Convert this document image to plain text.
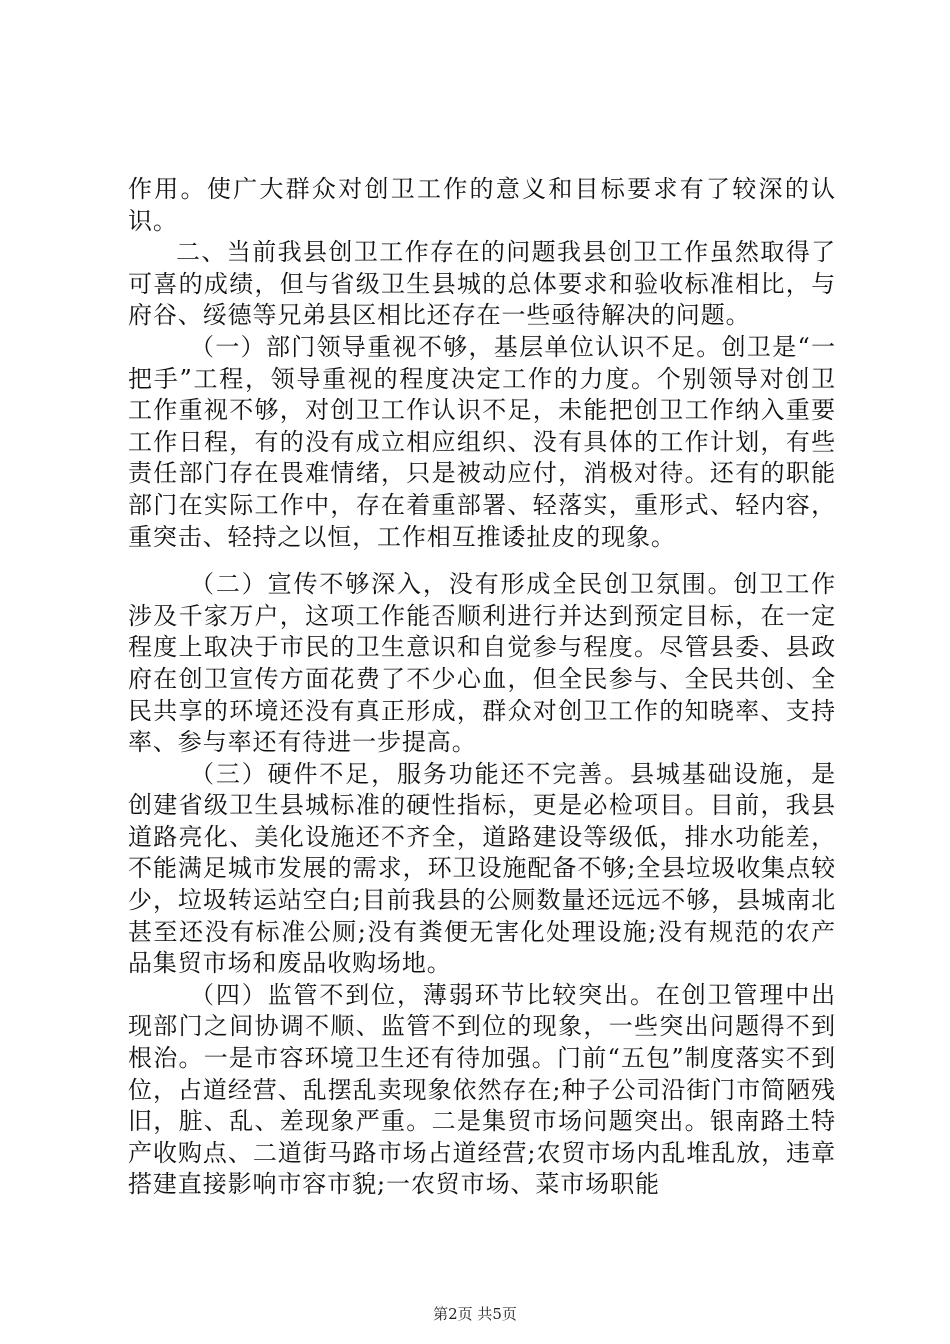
作用。使广大群众对创卫工作的意义和目标要求有了较深的认识。

二、当前我县创卫工作存在的问题我县创卫工作虽然取得了可喜的成绩，但与省级卫生县城的总体要求和验收标准相比，与府谷、绥德等兄弟县区相比还存在一些亟待解决的问题。

（一）部门领导重视不够，基层单位认识不足。创卫是“一把手”工程，领导重视的程度决定工作的力度。个别领导对创卫工作重视不够，对创卫工作认识不足，未能把创卫工作纳入重要工作日程，有的没有成立相应组织、没有具体的工作计划，有些责任部门存在畏难情绪，只是被动应付，消极对待。还有的职能部门在实际工作中，存在着重部署、轻落实，重形式、轻内容，重突击、轻持之以恒，工作相互推诿扯皮的现象。

（二）宣传不够深入，没有形成全民创卫氛围。创卫工作涉及千家万户，这项工作能否顺利进行并达到预定目标，在一定程度上取决于市民的卫生意识和自觉参与程度。尽管县委、县政府在创卫宣传方面花费了不少心血，但全民参与、全民共创、全民共享的环境还没有真正形成，群众对创卫工作的知晓率、支持率、参与率还有待进一步提高。

（三）硬件不足，服务功能还不完善。县城基础设施，是创建省级卫生县城标准的硬性指标，更是必检项目。目前，我县道路亮化、美化设施还不齐全，道路建设等级低，排水功能差，不能满足城市发展的需求，环卫设施配备不够;全县垃圾收集点较少，垃圾转运站空白;目前我县的公厕数量还远远不够，县城南北甚至还没有标准公厕;没有粪便无害化处理设施;没有规范的农产品集贸市场和废品收购场地。

（四）监管不到位，薄弱环节比较突出。在创卫管理中出现部门之间协调不顺、监管不到位的现象，一些突出问题得不到根治。一是市容环境卫生还有待加强。门前“五包”制度落实不到位，占道经营、乱摆乱卖现象依然存在;种子公司沿街门市简陋残旧，脏、乱、差现象严重。二是集贸市场问题突出。银南路土特产收购点、二道街马路市场占道经营;农贸市场内乱堆乱放，违章搭建直接影响市容市貌;一农贸市场、菜市场职能

第2页 共5页
